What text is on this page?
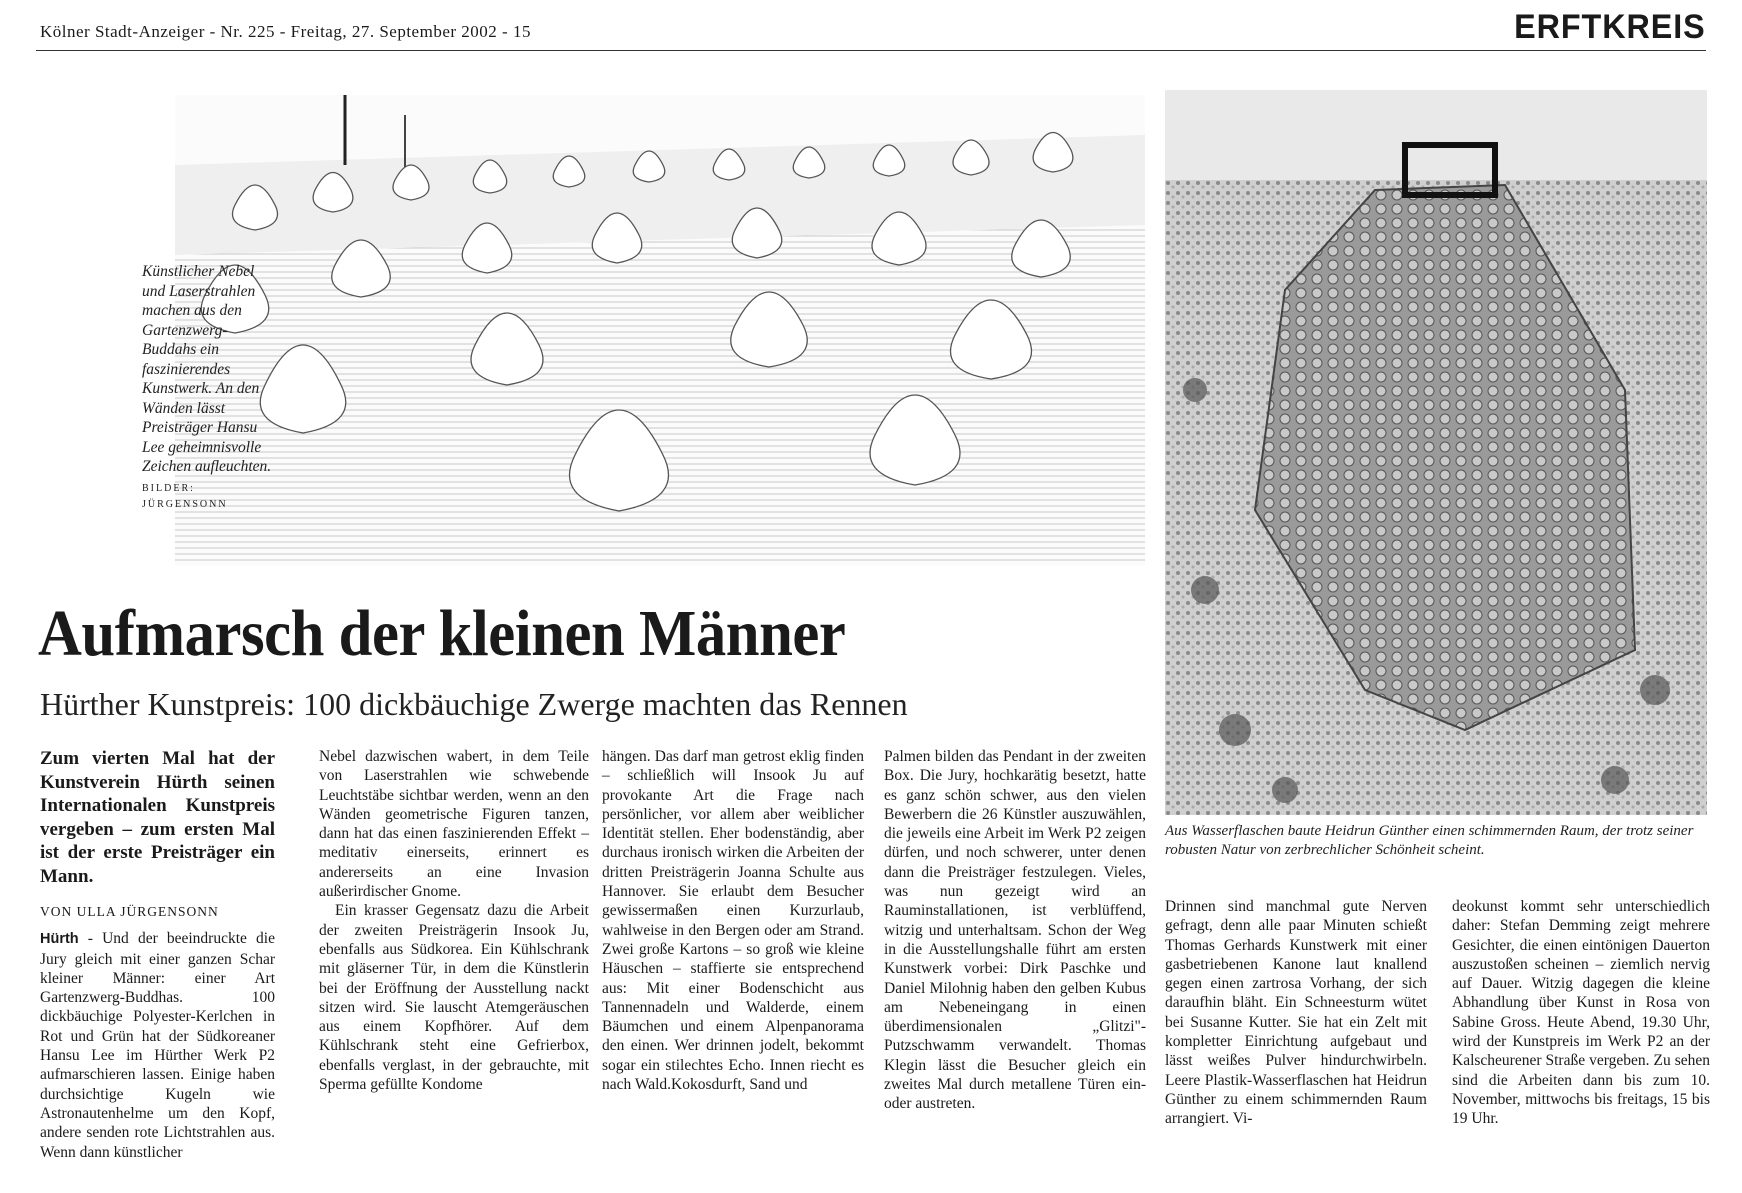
Kölner Stadt-Anzeiger - Nr. 225 - Freitag, 27. September 2002 - 15	ERFTKREIS
Künstlicher Nebel und Laserstrahlen machen aus den Gartenzwerg-Buddahs ein faszinierendes Kunstwerk. An den Wänden lässt Preisträger Hansu Lee geheimnisvolle Zeichen aufleuchten.
BILDER: JÜRGENSONN
Aus Wasserflaschen baute Heidrun Günther einen schimmernden Raum, der trotz seiner robusten Natur von zerbrechlicher Schönheit scheint.
Aufmarsch der kleinen Männer
Hürther Kunstpreis: 100 dickbäuchige Zwerge machten das Rennen

Zum vierten Mal hat der Kunstverein Hürth seinen Internationalen Kunstpreis vergeben – zum ersten Mal ist der erste Preisträger ein Mann.

VON ULLA JÜRGENSONN

Hürth - Und der beeindruckte die Jury gleich mit einer ganzen Schar kleiner Männer: einer Art Gartenzwerg-Buddhas. 100 dickbäuchige Polyester-Kerlchen in Rot und Grün hat der Südkoreaner Hansu Lee im Hürther Werk P2 aufmarschieren lassen. Einige haben durchsichtige Kugeln wie Astronautenhelme um den Kopf, andere senden rote Lichtstrahlen aus. Wenn dann künstlicher

Nebel dazwischen wabert, in dem Teile von Laserstrahlen wie schwebende Leuchtstäbe sichtbar werden, wenn an den Wänden geometrische Figuren tanzen, dann hat das einen faszinierenden Effekt – meditativ einerseits, erinnert es andererseits an eine Invasion außerirdischer Gnome.

Ein krasser Gegensatz dazu die Arbeit der zweiten Preisträgerin Insook Ju, ebenfalls aus Südkorea. Ein Kühlschrank mit gläserner Tür, in dem die Künstlerin bei der Eröffnung der Ausstellung nackt sitzen wird. Sie lauscht Atemgeräuschen aus einem Kopfhörer. Auf dem Kühlschrank steht eine Gefrierbox, ebenfalls verglast, in der gebrauchte, mit Sperma gefüllte Kondome

hängen. Das darf man getrost eklig finden – schließlich will Insook Ju auf provokante Art die Frage nach persönlicher, vor allem aber weiblicher Identität stellen. Eher bodenständig, aber durchaus ironisch wirken die Arbeiten der dritten Preisträgerin Joanna Schulte aus Hannover. Sie erlaubt dem Besucher gewissermaßen einen Kurzurlaub, wahlweise in den Bergen oder am Strand. Zwei große Kartons – so groß wie kleine Häuschen – staffierte sie entsprechend aus: Mit einer Bodenschicht aus Tannennadeln und Walderde, einem Bäumchen und einem Alpenpanorama den einen. Wer drinnen jodelt, bekommt sogar ein stilechtes Echo. Innen riecht es nach Wald.Kokosdurft, Sand und

Palmen bilden das Pendant in der zweiten Box. Die Jury, hochkarätig besetzt, hatte es ganz schön schwer, aus den vielen Bewerbern die 26 Künstler auszuwählen, die jeweils eine Arbeit im Werk P2 zeigen dürfen, und noch schwerer, unter denen dann die Preisträger festzulegen. Vieles, was nun gezeigt wird an Rauminstallationen, ist verblüffend, witzig und unterhaltsam. Schon der Weg in die Ausstellungshalle führt am ersten Kunstwerk vorbei: Dirk Paschke und Daniel Milohnig haben den gelben Kubus am Nebeneingang in einen überdimensionalen „Glitzi"-Putzschwamm verwandelt. Thomas Klegin lässt die Besucher gleich ein zweites Mal durch metallene Türen ein- oder austreten.

Drinnen sind manchmal gute Nerven gefragt, denn alle paar Minuten schießt Thomas Gerhards Kunstwerk mit einer gasbetriebenen Kanone laut knallend gegen einen zartrosa Vorhang, der sich daraufhin bläht. Ein Schneesturm wütet bei Susanne Kutter. Sie hat ein Zelt mit kompletter Einrichtung aufgebaut und lässt weißes Pulver hindurchwirbeln. Leere Plastik-Wasserflaschen hat Heidrun Günther zu einem schimmernden Raum arrangiert. Vi-

deokunst kommt sehr unterschiedlich daher: Stefan Demming zeigt mehrere Gesichter, die einen eintönigen Dauerton auszustoßen scheinen – ziemlich nervig auf Dauer. Witzig dagegen die kleine Abhandlung über Kunst in Rosa von Sabine Gross. Heute Abend, 19.30 Uhr, wird der Kunstpreis im Werk P2 an der Kalscheurener Straße vergeben. Zu sehen sind die Arbeiten dann bis zum 10. November, mittwochs bis freitags, 15 bis 19 Uhr.
